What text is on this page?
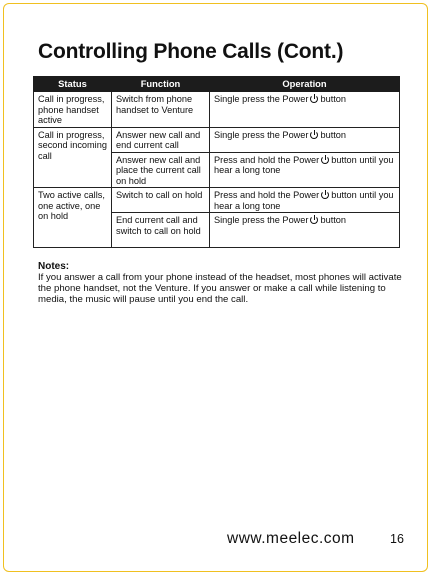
Controlling Phone Calls (Cont.)
Status	Function	Operation
Call in progress, phone handset active	Switch from phone handset to Venture	Single press the Power button
Call in progress, second incoming call	Answer new call and end current call	Single press the Power button
	Answer new call and place the current call on hold	Press and hold the Power button until you hear a long tone
Two active calls, one active, one on hold	Switch to call on hold	Press and hold the Power button until you hear a long tone
	End current call and switch to call on hold	Single press the Power button
Notes:
If you answer a call from your phone instead of the headset, most phones will activate the phone handset, not the Venture. If you answer or make a call while listening to media, the music will pause until you end the call.
www.meelec.com	16
